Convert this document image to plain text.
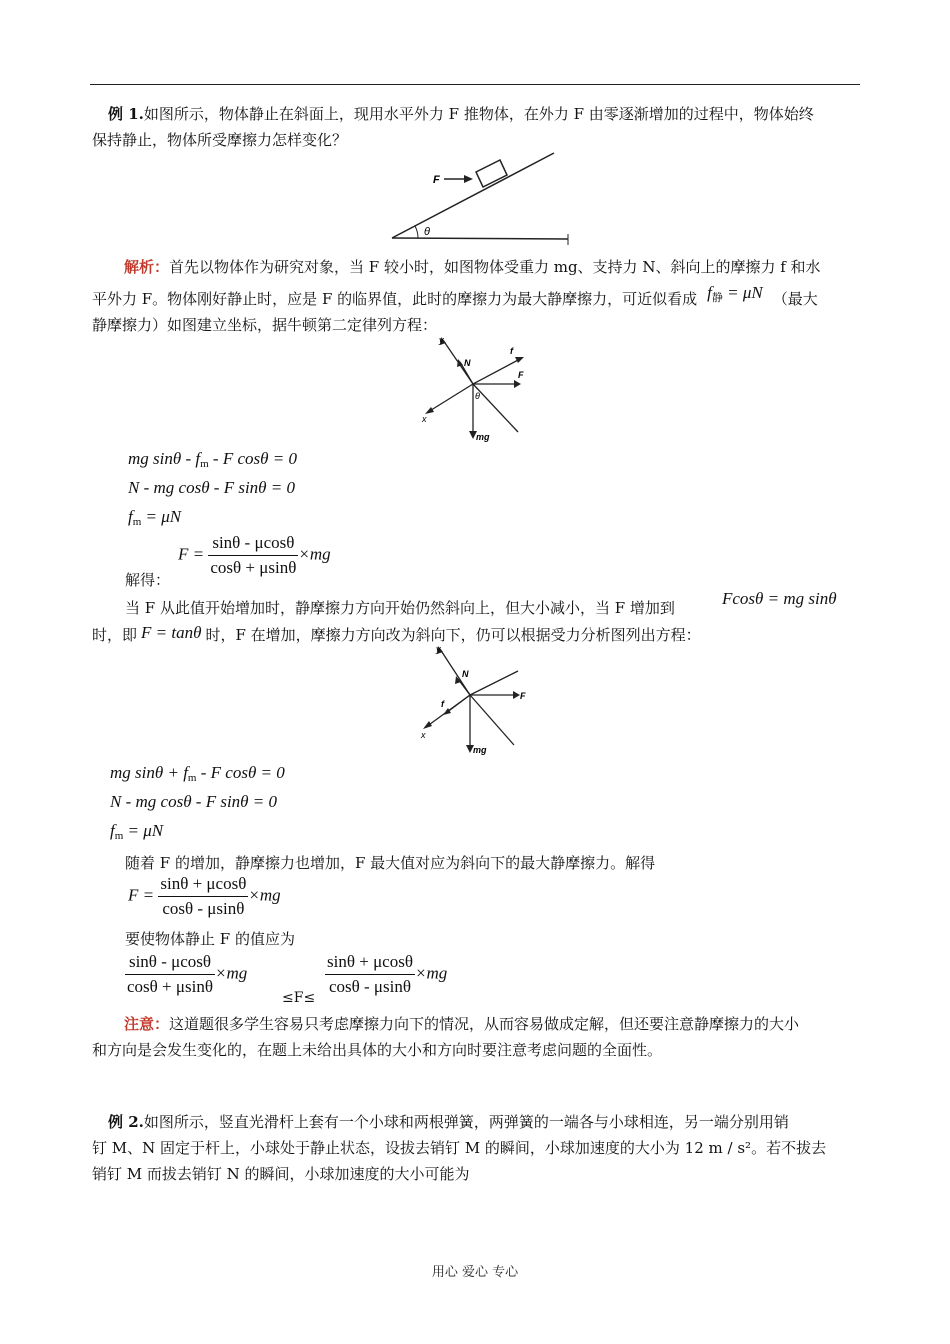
例 1.如图所示，物体静止在斜面上，现用水平外力 F 推物体，在外力 F 由零逐渐增加的过程中，物体始终
保持静止，物体所受摩擦力怎样变化？
F
θ
解析：首先以物体作为研究对象，当 F 较小时，如图物体受重力 mg、支持力 N、斜向上的摩擦力 f 和水
平外力 F。物体刚好静止时，应是 F 的临界值，此时的摩擦力为最大静摩擦力，可近似看成 $f_静 = \mu N$ （最大
静摩擦力）如图建立坐标，据牛顿第二定律列方程：
y
N
f
F
θ
x
mg
mg sinθ - $f_m$ - F cosθ = 0
N - mg cosθ - F sinθ = 0
$f_m = \mu N$
$F = \frac{\sin\theta - \mu\cos\theta}{\cos\theta + \mu\sin\theta} \times mg$
解得：
当 F 从此值开始增加时，静摩擦力方向开始仍然斜向上，但大小减小，当 F 增加到	Fcosθ = mg sinθ
时，即 F = tanθ 时，F 在增加，摩擦力方向改为斜向下，仍可以根据受力分析图列出方程：
y
N
f
F
x
mg
mg $\sin\theta + f_m - F$ cosθ = 0
N - mg cosθ - F sinθ = 0
$f_m = \mu N$
随着 F 的增加，静摩擦力也增加，F 最大值对应为斜向下的最大静摩擦力。解得
$F = \frac{\sin\theta + \mu\cos\theta}{\cos\theta - \mu\sin\theta} \times mg$
要使物体静止 F 的值应为
$\frac{\sin\theta - \mu\cos\theta}{\cos\theta + \mu\sin\theta} \times mg$
$\le F\le \frac{\sin\theta + \mu\cos\theta}{\cos\theta - \mu\sin\theta} \times mg$
注意：这道题很多学生容易只考虑摩擦力向下的情况，从而容易做成定解，但还要注意静摩擦力的大小
和方向是会发生变化的，在题上未给出具体的大小和方向时要注意考虑问题的全面性。
例 2.如图所示，竖直光滑杆上套有一个小球和两根弹簧，两弹簧的一端各与小球相连，另一端分别用销
钉 M、N 固定于杆上，小球处于静止状态，设拔去销钉 M 的瞬间，小球加速度的大小为 12 m / s²。若不拔去
销钉 M 而拔去销钉 N 的瞬间，小球加速度的大小可能为
用心 爱心 专心
